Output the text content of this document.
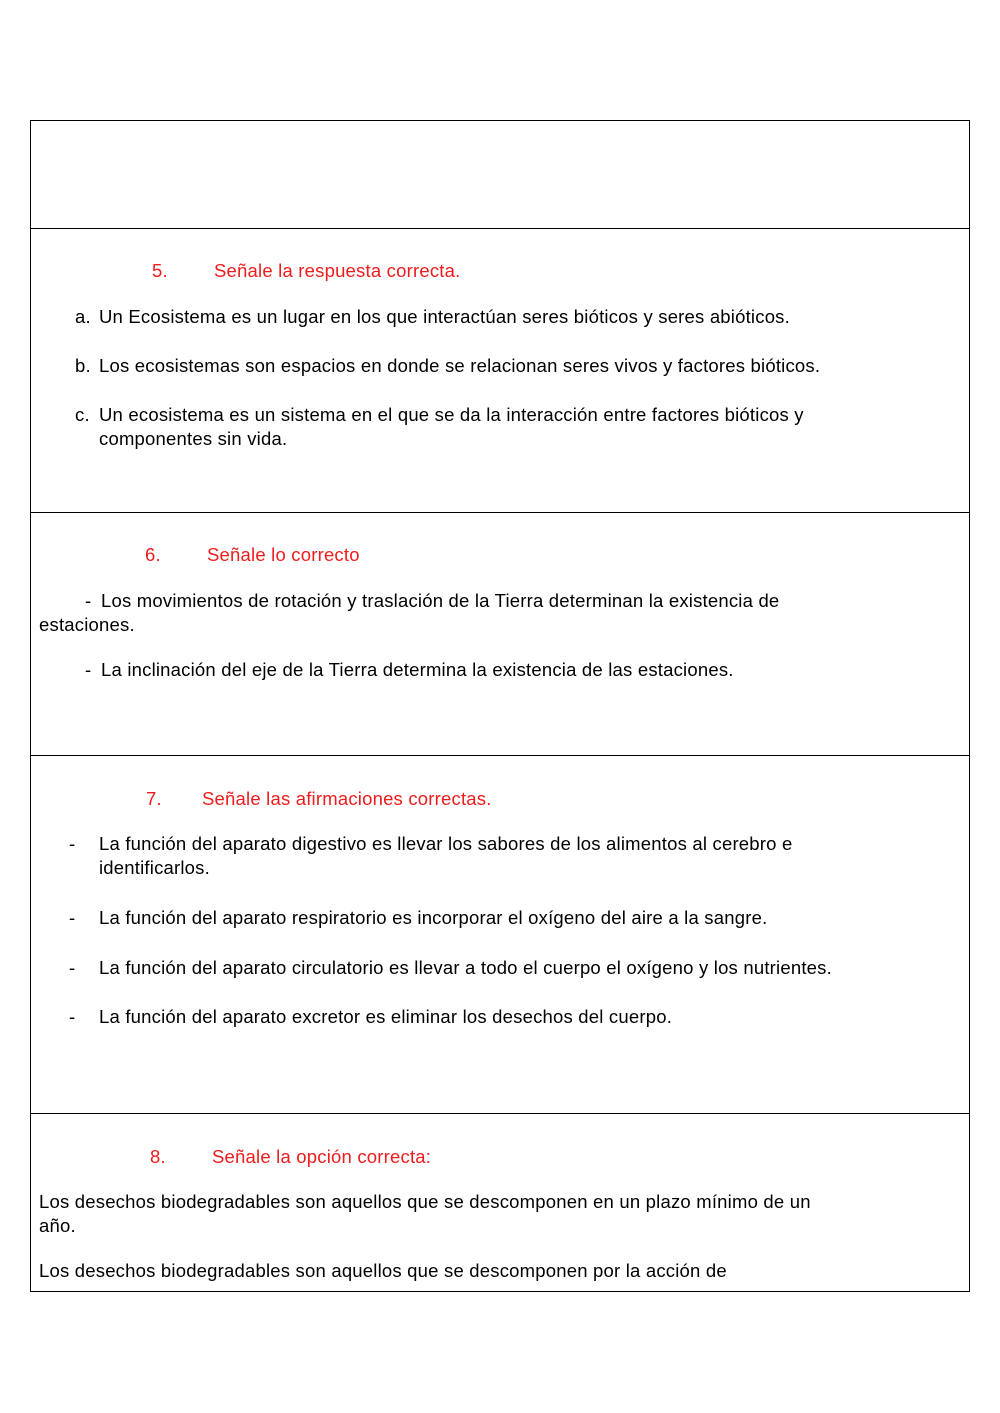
5. Señale la respuesta correcta.
a. Un Ecosistema es un lugar en los que interactúan seres bióticos y seres abióticos.
b. Los ecosistemas son espacios en donde se relacionan seres vivos y factores bióticos.
c. Un ecosistema es un sistema en el que se da la interacción entre factores bióticos y
componentes sin vida.
6. Señale lo correcto
- Los movimientos de rotación y traslación de la Tierra determinan la existencia de
estaciones.
- La inclinación del eje de la Tierra determina la existencia de las estaciones.
7. Señale las afirmaciones correctas.
- La función del aparato digestivo es llevar los sabores de los alimentos al cerebro e
identificarlos.
- La función del aparato respiratorio es incorporar el oxígeno del aire a la sangre.
- La función del aparato circulatorio es llevar a todo el cuerpo el oxígeno y los nutrientes.
- La función del aparato excretor es eliminar los desechos del cuerpo.
8. Señale la opción correcta:
Los desechos biodegradables son aquellos que se descomponen en un plazo mínimo de un
año.
Los desechos biodegradables son aquellos que se descomponen por la acción de
